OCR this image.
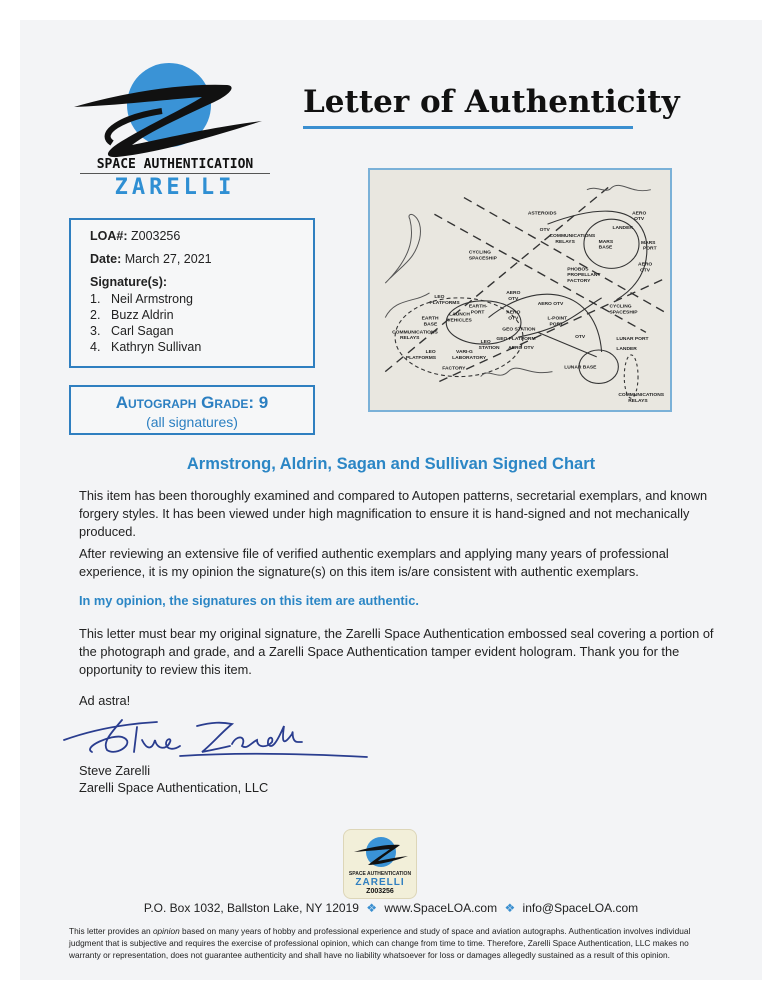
SPACE AUTHENTICATION
ZARELLI
Letter of Authenticity
LOA#: Z003256
Date: March 27, 2021
Signature(s):
1. Neil Armstrong
2. Buzz Aldrin
3. Carl Sagan
4. Kathryn Sullivan
Autograph Grade: 9
(all signatures)
ASTEROIDS
OTV
AERO
OTV
LANDER
MARS
BASE
MARS
PORT
COMMUNICATIONS
RELAYS
CYCLING
SPACESHIP
PHOBOS
PROPELLANT
FACTORY
AERO
OTV
LEO
PLATFORMS
EARTH-
PORT
AERO
OTV
AERO OTV
LAUNCH
VEHICLES
EARTH
BASE
AERO
OTV	L-POINT
PORT
GEO STATION
GEO PLATFORM
AERO OTV
OTV
CYCLING
SPACESHIP
COMMUNICATIONS
RELAYS
LEO
STATION
LEO
PLATFORMS
VARI-G
LABORATORY
FACTORY
LUNAR PORT
LANDER
LUNAR BASE
COMMUNICATIONS
RELAYS
Armstrong, Aldrin, Sagan and Sullivan Signed Chart
This item has been thoroughly examined and compared to Autopen patterns, secretarial exemplars, and known forgery styles. It has been viewed under high magnification to ensure it is hand-signed and not mechanically produced.
After reviewing an extensive file of verified authentic exemplars and applying many years of professional experience, it is my opinion the signature(s) on this item is/are consistent with authentic exemplars.
In my opinion, the signatures on this item are authentic.
This letter must bear my original signature, the Zarelli Space Authentication embossed seal covering a portion of the photograph and grade, and a Zarelli Space Authentication tamper evident hologram. Thank you for the opportunity to review this item.
Ad astra!
Steve Zarelli
Zarelli Space Authentication, LLC
SPACE AUTHENTICATION
ZARELLI
Z003256
P.O. Box 1032, Ballston Lake, NY 12019 ❖ www.SpaceLOA.com ❖ info@SpaceLOA.com
This letter provides an opinion based on many years of hobby and professional experience and study of space and aviation autographs. Authentication involves individual judgment that is subjective and requires the exercise of professional opinion, which can change from time to time. Therefore, Zarelli Space Authentication, LLC makes no warranty or representation, does not guarantee authenticity and shall have no liability whatsoever for loss or damages allegedly sustained as a result of this opinion.
